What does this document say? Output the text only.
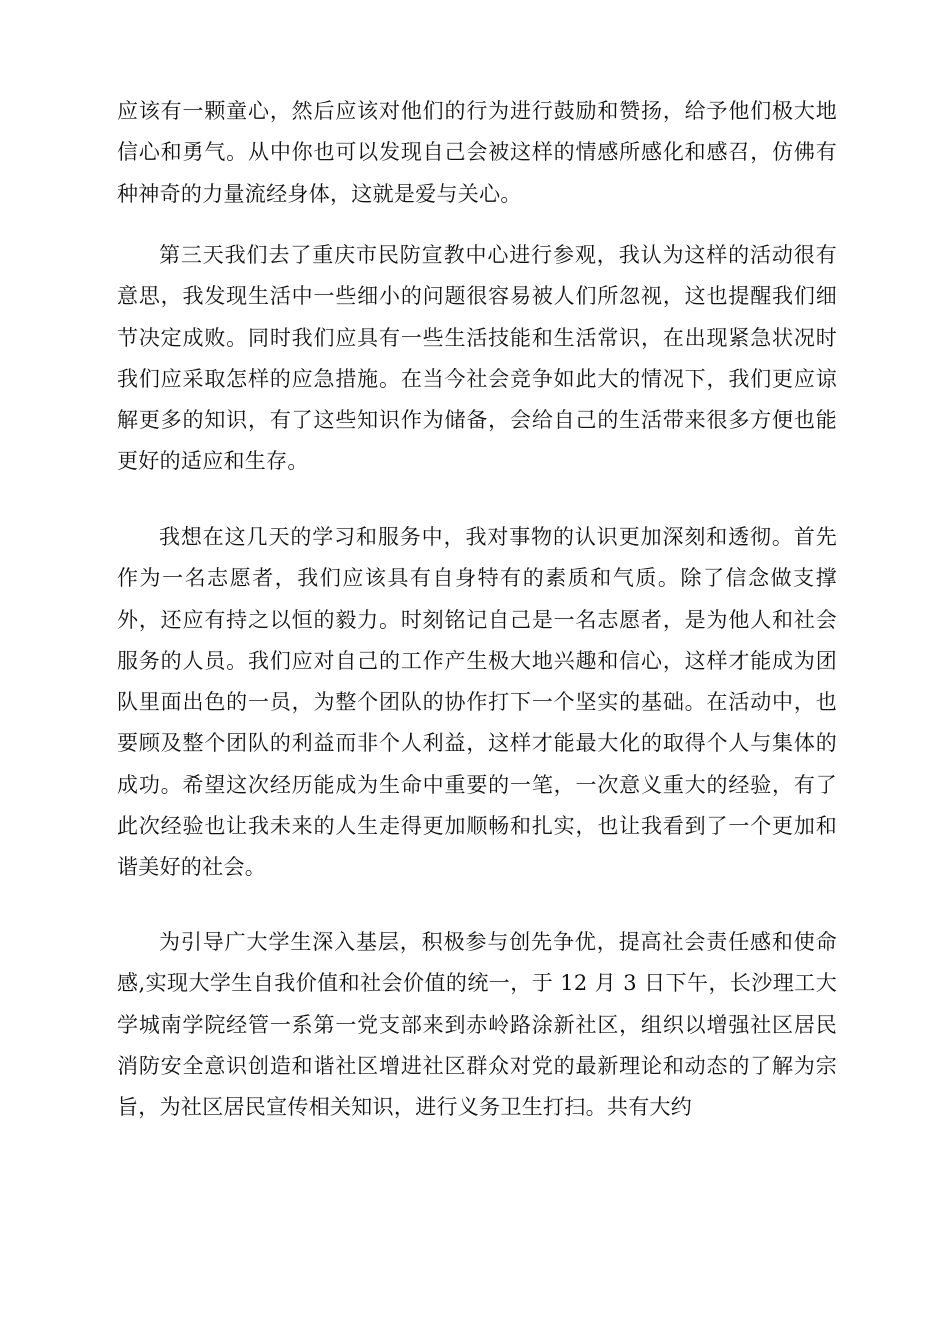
应该有一颗童心，然后应该对他们的行为进行鼓励和赞扬，给予他们极大地信心和勇气。从中你也可以发现自己会被这样的情感所感化和感召，仿佛有种神奇的力量流经身体，这就是爱与关心。

第三天我们去了重庆市民防宣教中心进行参观，我认为这样的活动很有意思，我发现生活中一些细小的问题很容易被人们所忽视，这也提醒我们细节决定成败。同时我们应具有一些生活技能和生活常识，在出现紧急状况时我们应采取怎样的应急措施。在当今社会竞争如此大的情况下，我们更应谅解更多的知识，有了这些知识作为储备，会给自己的生活带来很多方便也能更好的适应和生存。

我想在这几天的学习和服务中，我对事物的认识更加深刻和透彻。首先作为一名志愿者，我们应该具有自身特有的素质和气质。除了信念做支撑外，还应有持之以恒的毅力。时刻铭记自己是一名志愿者，是为他人和社会服务的人员。我们应对自己的工作产生极大地兴趣和信心，这样才能成为团队里面出色的一员，为整个团队的协作打下一个坚实的基础。在活动中，也要顾及整个团队的利益而非个人利益，这样才能最大化的取得个人与集体的成功。希望这次经历能成为生命中重要的一笔，一次意义重大的经验，有了此次经验也让我未来的人生走得更加顺畅和扎实，也让我看到了一个更加和谐美好的社会。

为引导广大学生深入基层，积极参与创先争优，提高社会责任感和使命感,实现大学生自我价值和社会价值的统一，于 12 月 3 日下午，长沙理工大学城南学院经管一系第一党支部来到赤岭路涂新社区，组织以增强社区居民消防安全意识创造和谐社区增进社区群众对党的最新理论和动态的了解为宗旨，为社区居民宣传相关知识，进行义务卫生打扫。共有大约
